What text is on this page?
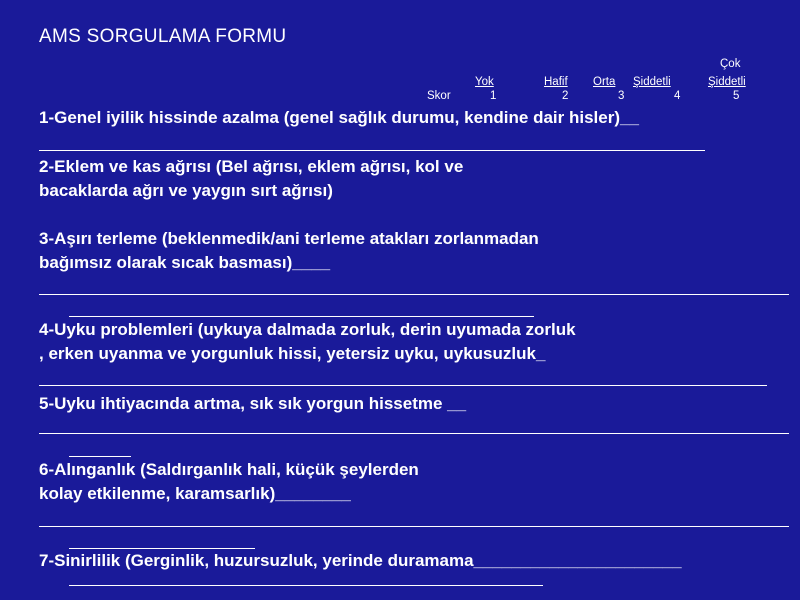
AMS SORGULAMA FORMU
Çok
Yok	Hafif Orta Şiddetli	Şiddetli
Skor	1	2	3	4	5
1-Genel iyilik hissinde azalma (genel sağlık durumu, kendine dair hisler)__
2-Eklem ve kas ağrısı (Bel ağrısı, eklem ağrısı, kol ve
bacaklarda ağrı ve yaygın sırt ağrısı)
3-Aşırı terleme (beklenmedik/ani terleme atakları zorlanmadan
bağımsız olarak sıcak basması)____
4-Uyku problemleri (uykuya dalmada zorluk, derin uyumada zorluk
, erken uyanma ve yorgunluk hissi, yetersiz uyku, uykusuzluk_
5-Uyku ihtiyacında artma, sık sık yorgun hissetme __
6-Alınganlık (Saldırganlık hali, küçük şeylerden
kolay etkilenme, karamsarlık)________
7-Sinirlilik (Gerginlik, huzursuzluk, yerinde duramama______________________
